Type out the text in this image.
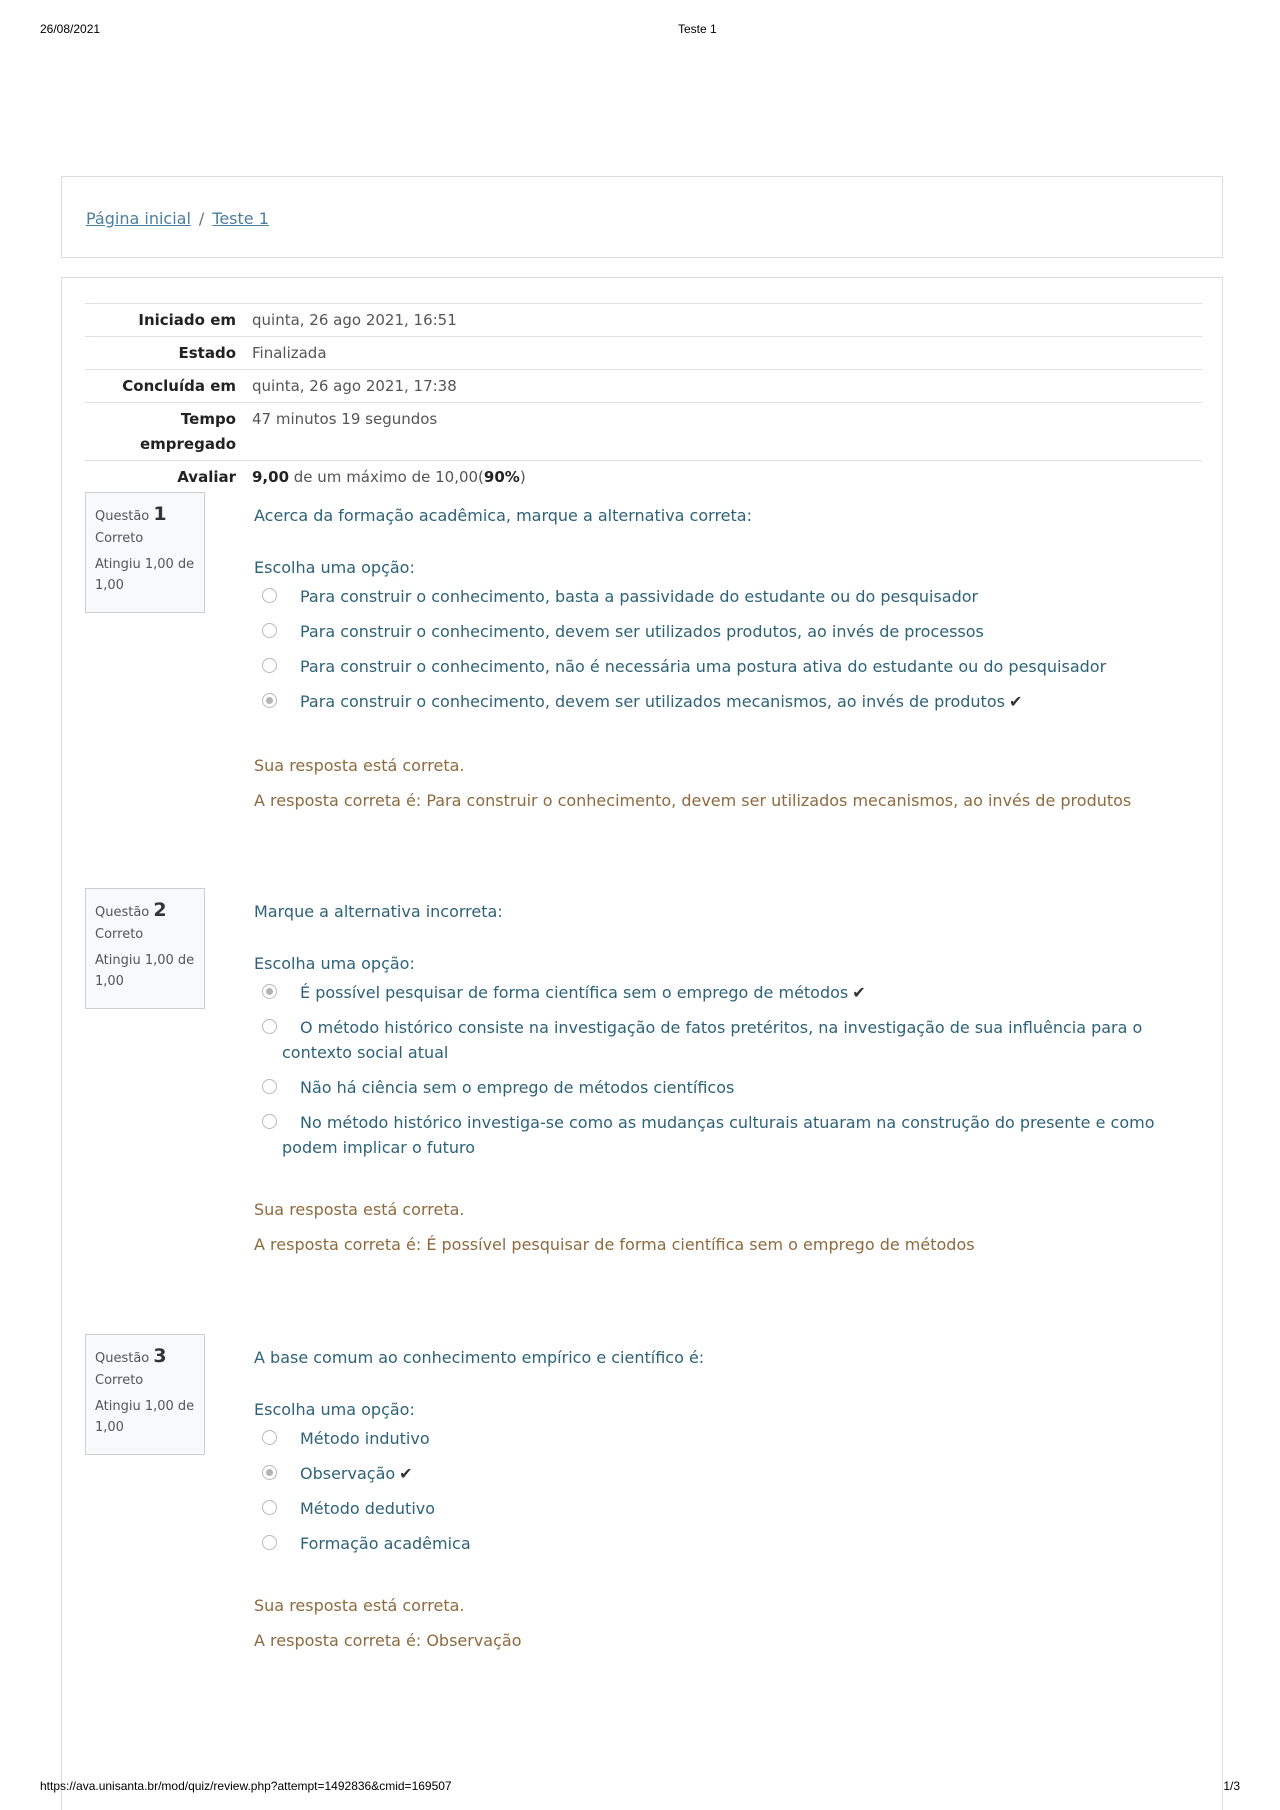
26/08/2021	Teste 1
Página inicial / Teste 1
Iniciado em	quinta, 26 ago 2021, 16:51
Estado	Finalizada
Concluída em	quinta, 26 ago 2021, 17:38
Tempo
empregado	47 minutos 19 segundos
Avaliar	9,00 de um máximo de 10,00(90%)
Questão 1
Correto
Atingiu 1,00 de 1,00
Acerca da formação acadêmica, marque a alternativa correta:
Escolha uma opção:
Para construir o conhecimento, basta a passividade do estudante ou do pesquisador
Para construir o conhecimento, devem ser utilizados produtos, ao invés de processos
Para construir o conhecimento, não é necessária uma postura ativa do estudante ou do pesquisador
Para construir o conhecimento, devem ser utilizados mecanismos, ao invés de produtos ✔
Sua resposta está correta.
A resposta correta é: Para construir o conhecimento, devem ser utilizados mecanismos, ao invés de produtos
Questão 2
Correto
Atingiu 1,00 de 1,00
Marque a alternativa incorreta:
Escolha uma opção:
É possível pesquisar de forma científica sem o emprego de métodos ✔
O método histórico consiste na investigação de fatos pretéritos, na investigação de sua influência para o contexto social atual
Não há ciência sem o emprego de métodos científicos
No método histórico investiga-se como as mudanças culturais atuaram na construção do presente e como podem implicar o futuro
Sua resposta está correta.
A resposta correta é: É possível pesquisar de forma científica sem o emprego de métodos
Questão 3
Correto
Atingiu 1,00 de 1,00
A base comum ao conhecimento empírico e científico é:
Escolha uma opção:
Método indutivo
Observação ✔
Método dedutivo
Formação acadêmica
Sua resposta está correta.
A resposta correta é: Observação
https://ava.unisanta.br/mod/quiz/review.php?attempt=1492836&cmid=169507	1/3
